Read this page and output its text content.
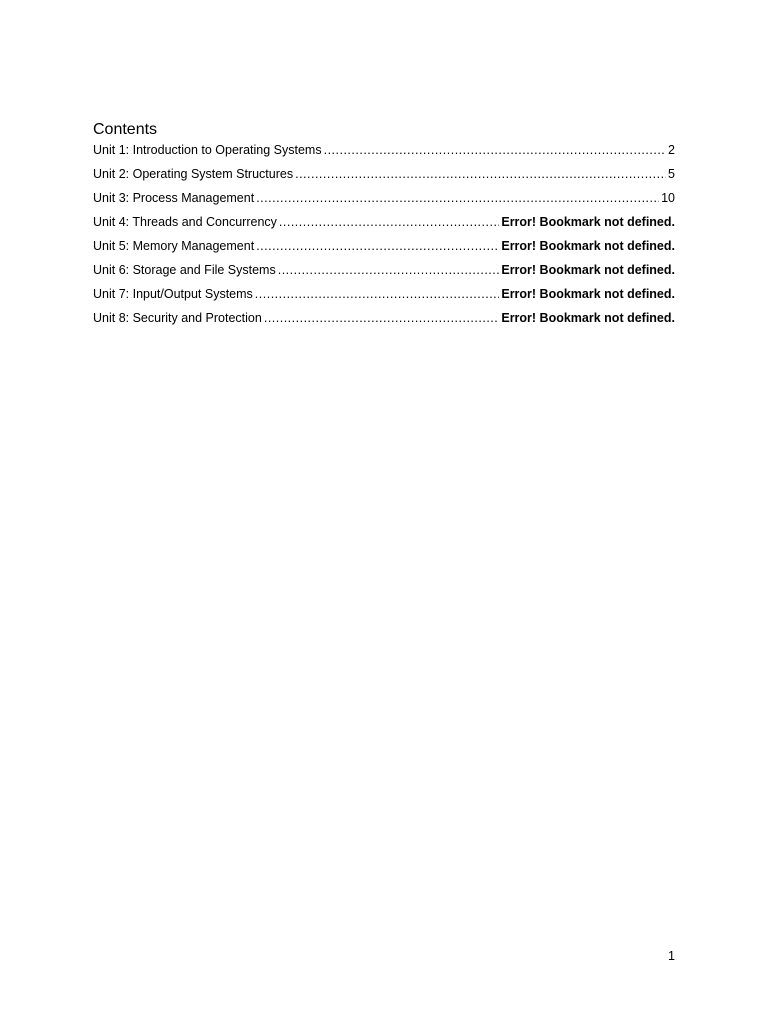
Contents
Unit 1: Introduction to Operating Systems .....	2
Unit 2: Operating System Structures .....	5
Unit 3: Process Management .....	10
Unit 4: Threads and Concurrency .....	Error! Bookmark not defined.
Unit 5: Memory Management .....	Error! Bookmark not defined.
Unit 6: Storage and File Systems .....	Error! Bookmark not defined.
Unit 7: Input/Output Systems .....	Error! Bookmark not defined.
Unit 8: Security and Protection .....	Error! Bookmark not defined.
1
